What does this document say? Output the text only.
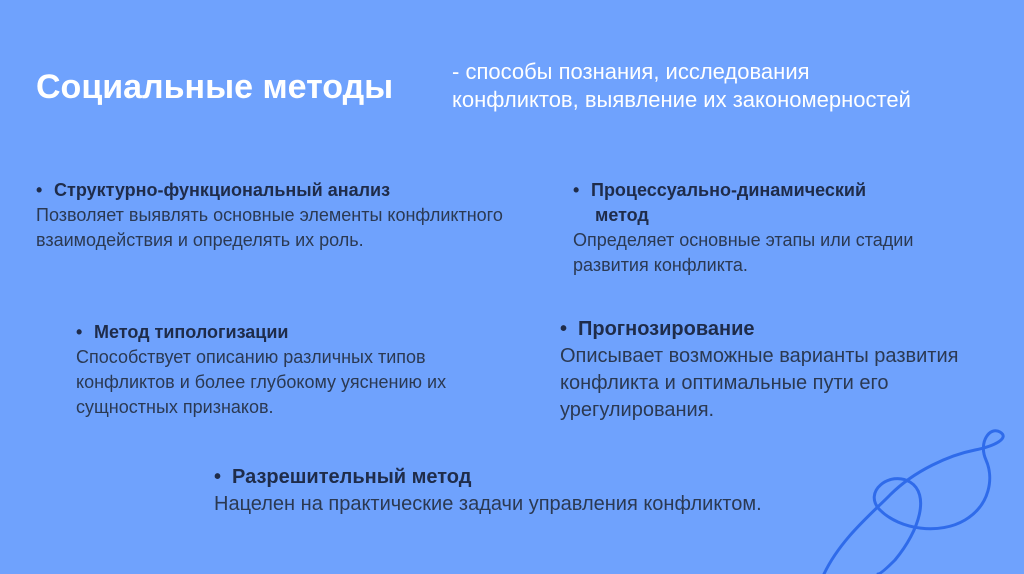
Социальные методы	- способы познания, исследования конфликтов, выявление их закономерностей
• Структурно-функциональный анализ
Позволяет выявлять основные элементы конфликтного взаимодействия и определять их роль.
• Процессуально-динамический
метод
Определяет основные этапы или стадии развития конфликта.
• Метод типологизации
Способствует описанию различных типов конфликтов и более глубокому уяснению их сущностных признаков.
• Прогнозирование
Описывает возможные варианты развития конфликта и оптимальные пути его урегулирования.
• Разрешительный метод
Нацелен на практические задачи управления конфликтом.
